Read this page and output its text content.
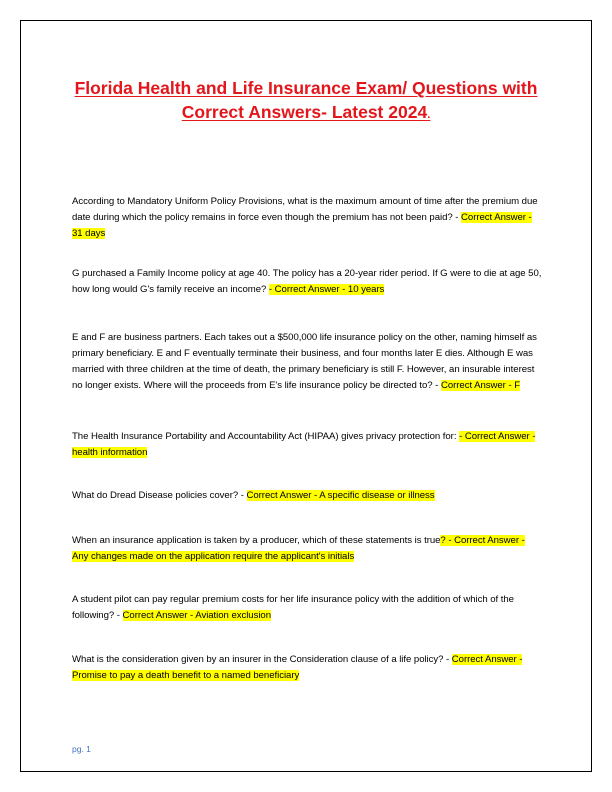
Florida Health and Life Insurance Exam/ Questions with Correct Answers- Latest 2024.
According to Mandatory Uniform Policy Provisions, what is the maximum amount of time after the premium due date during which the policy remains in force even though the premium has not been paid? - Correct Answer - 31 days
G purchased a Family Income policy at age 40. The policy has a 20-year rider period. If G were to die at age 50, how long would G's family receive an income? - Correct Answer - 10 years
E and F are business partners. Each takes out a $500,000 life insurance policy on the other, naming himself as primary beneficiary. E and F eventually terminate their business, and four months later E dies. Although E was married with three children at the time of death, the primary beneficiary is still F. However, an insurable interest no longer exists. Where will the proceeds from E's life insurance policy be directed to? - Correct Answer - F
The Health Insurance Portability and Accountability Act (HIPAA) gives privacy protection for: - Correct Answer - health information
What do Dread Disease policies cover? - Correct Answer - A specific disease or illness
When an insurance application is taken by a producer, which of these statements is true? - Correct Answer - Any changes made on the application require the applicant's initials
A student pilot can pay regular premium costs for her life insurance policy with the addition of which of the following? - Correct Answer - Aviation exclusion
What is the consideration given by an insurer in the Consideration clause of a life policy? - Correct Answer - Promise to pay a death benefit to a named beneficiary
pg. 1
